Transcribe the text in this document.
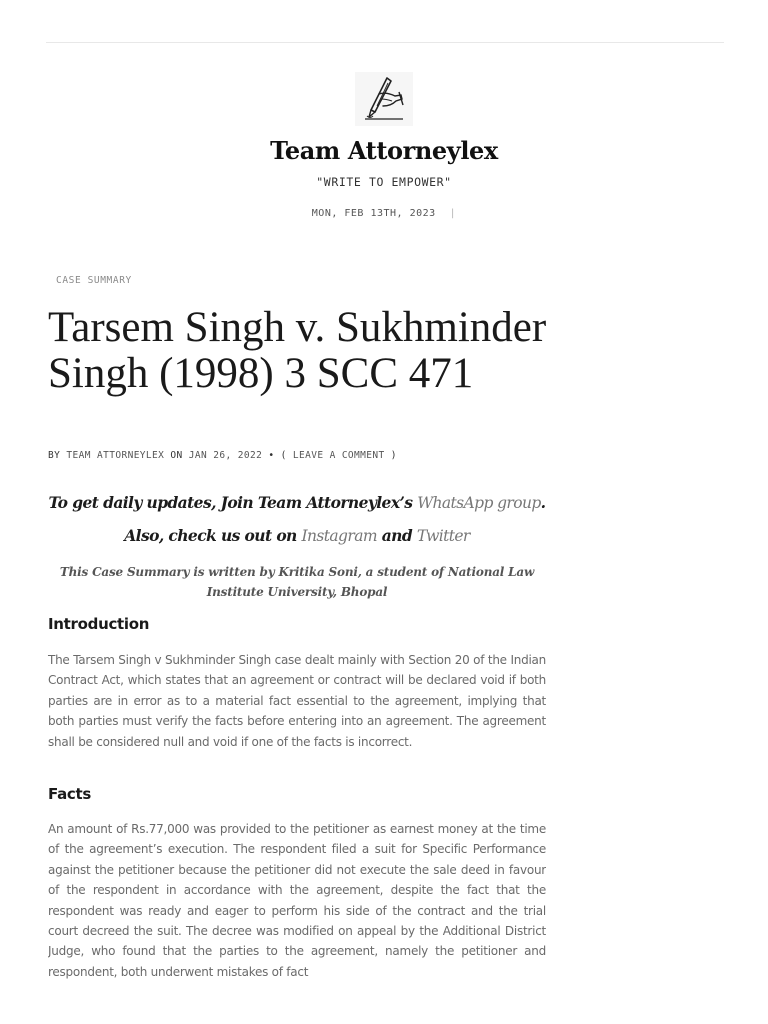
Team Attorneylex
"WRITE TO EMPOWER"
MON, FEB 13TH, 2023 |
CASE SUMMARY
Tarsem Singh v. Sukhminder Singh (1998) 3 SCC 471
BY TEAM ATTORNEYLEX ON JAN 26, 2022 • ( LEAVE A COMMENT )

To get daily updates, Join Team Attorneylex’s WhatsApp group.

Also, check us out on Instagram and Twitter

This Case Summary is written by Kritika Soni, a student of National Law Institute University, Bhopal

Introduction

The Tarsem Singh v Sukhminder Singh case dealt mainly with Section 20 of the Indian Contract Act, which states that an agreement or contract will be declared void if both parties are in error as to a material fact essential to the agreement, implying that both parties must verify the facts before entering into an agreement. The agreement shall be considered null and void if one of the facts is incorrect.

Facts

An amount of Rs.77,000 was provided to the petitioner as earnest money at the time of the agreement’s execution. The respondent filed a suit for Specific Performance against the petitioner because the petitioner did not execute the sale deed in favour of the respondent in accordance with the agreement, despite the fact that the respondent was ready and eager to perform his side of the contract and the trial court decreed the suit. The decree was modified on appeal by the Additional District Judge, who found that the parties to the agreement, namely the petitioner and respondent, both underwent mistakes of fact
